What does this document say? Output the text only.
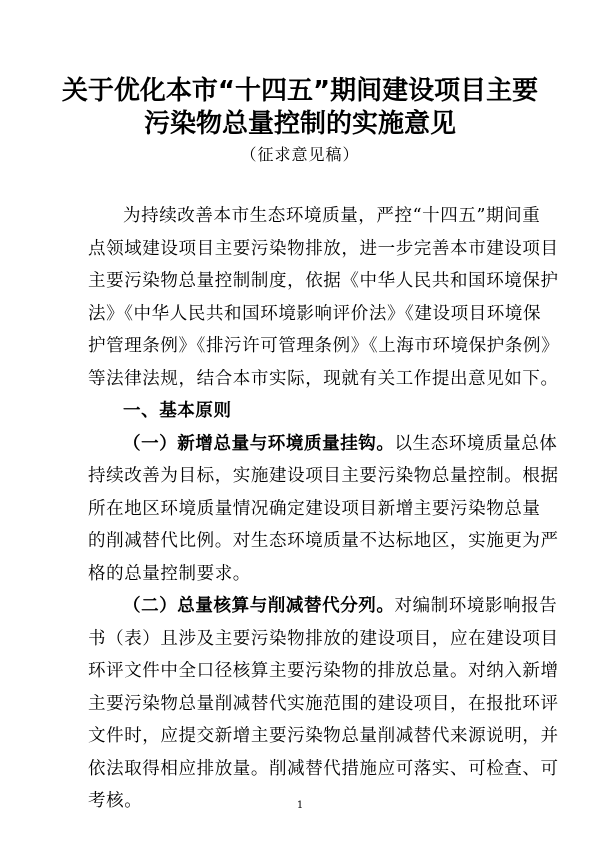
关于优化本市“十四五”期间建设项目主要
污染物总量控制的实施意见
（征求意见稿）
为持续改善本市生态环境质量，严控“十四五”期间重
点领域建设项目主要污染物排放，进一步完善本市建设项目
主要污染物总量控制制度，依据《中华人民共和国环境保护
法》《中华人民共和国环境影响评价法》《建设项目环境保
护管理条例》《排污许可管理条例》《上海市环境保护条例》
等法律法规，结合本市实际，现就有关工作提出意见如下。
一、基本原则
（一）新增总量与环境质量挂钩。以生态环境质量总体
持续改善为目标，实施建设项目主要污染物总量控制。根据
所在地区环境质量情况确定建设项目新增主要污染物总量
的削减替代比例。对生态环境质量不达标地区，实施更为严
格的总量控制要求。
（二）总量核算与削减替代分列。对编制环境影响报告
书（表）且涉及主要污染物排放的建设项目，应在建设项目
环评文件中全口径核算主要污染物的排放总量。对纳入新增
主要污染物总量削减替代实施范围的建设项目，在报批环评
文件时，应提交新增主要污染物总量削减替代来源说明，并
依法取得相应排放量。削减替代措施应可落实、可检查、可
考核。	1
